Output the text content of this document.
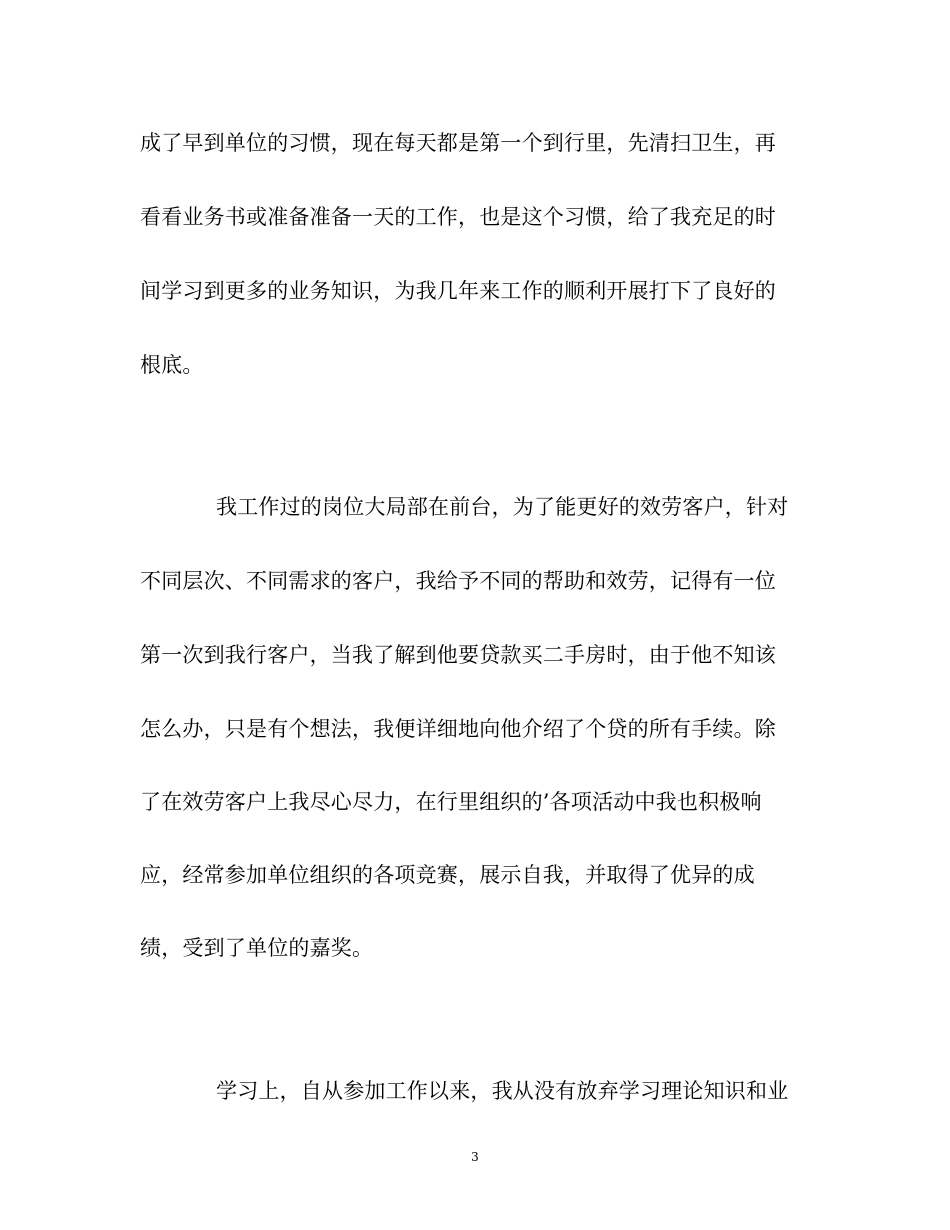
成了早到单位的习惯，现在每天都是第一个到行里，先清扫卫生，再
看看业务书或准备准备一天的工作，也是这个习惯，给了我充足的时
间学习到更多的业务知识，为我几年来工作的顺利开展打下了良好的
根底。
我工作过的岗位大局部在前台，为了能更好的效劳客户，针对
不同层次、不同需求的客户，我给予不同的帮助和效劳，记得有一位
第一次到我行客户，当我了解到他要贷款买二手房时，由于他不知该
怎么办，只是有个想法，我便详细地向他介绍了个贷的所有手续。除
了在效劳客户上我尽心尽力，在行里组织的’各项活动中我也积极响
应，经常参加单位组织的各项竞赛，展示自我，并取得了优异的成
绩，受到了单位的嘉奖。
学习上，自从参加工作以来，我从没有放弃学习理论知识和业
3
